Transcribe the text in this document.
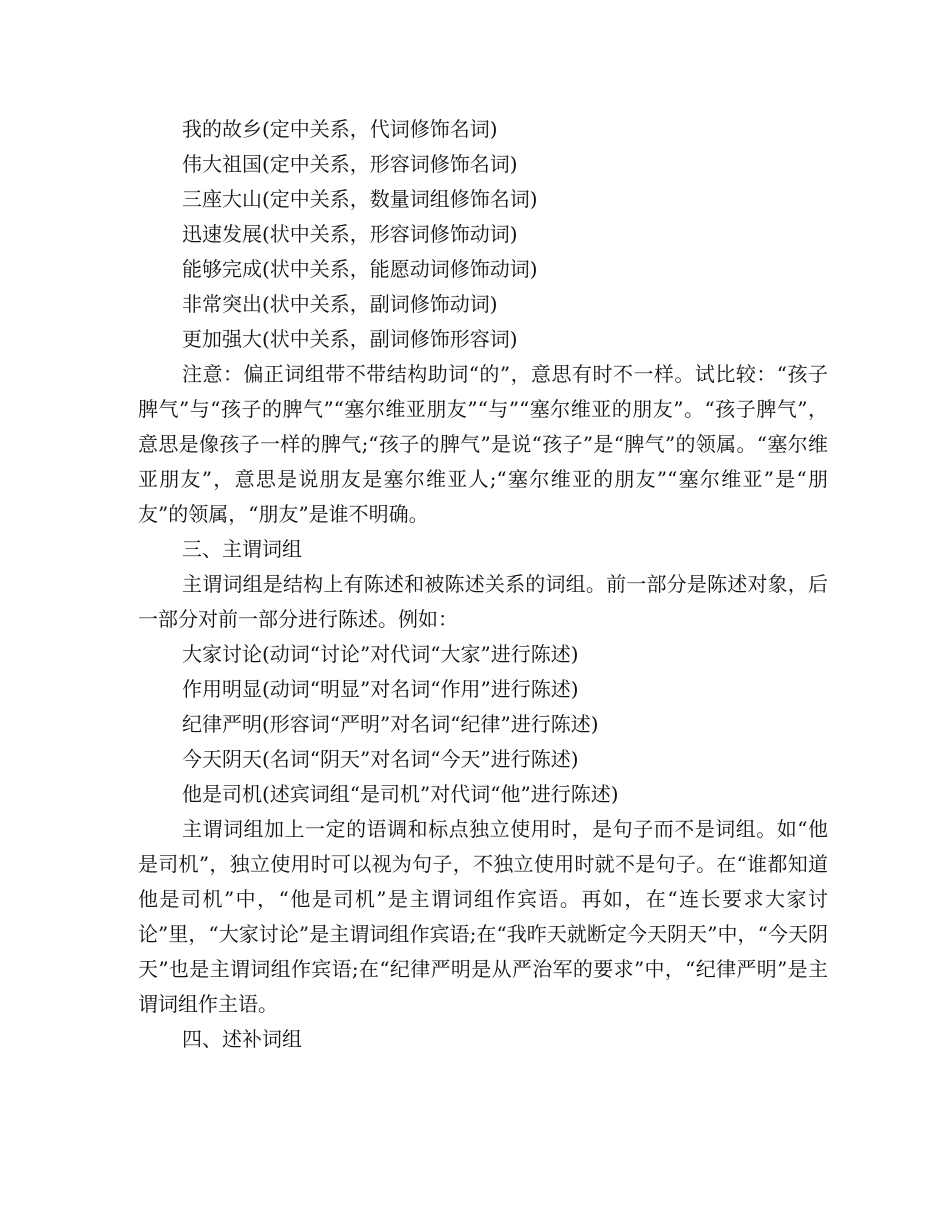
我的故乡(定中关系，代词修饰名词)

伟大祖国(定中关系，形容词修饰名词)

三座大山(定中关系，数量词组修饰名词)

迅速发展(状中关系，形容词修饰动词)

能够完成(状中关系，能愿动词修饰动词)

非常突出(状中关系，副词修饰动词)

更加强大(状中关系，副词修饰形容词)

注意：偏正词组带不带结构助词“的”，意思有时不一样。试比较：“孩子脾气”与“孩子的脾气”“塞尔维亚朋友”“与”“塞尔维亚的朋友”。“孩子脾气”，意思是像孩子一样的脾气;“孩子的脾气”是说“孩子”是“脾气”的领属。“塞尔维亚朋友”，意思是说朋友是塞尔维亚人;“塞尔维亚的朋友”“塞尔维亚”是“朋友”的领属，“朋友”是谁不明确。

三、主谓词组

主谓词组是结构上有陈述和被陈述关系的词组。前一部分是陈述对象，后一部分对前一部分进行陈述。例如：

大家讨论(动词“讨论”对代词“大家”进行陈述)

作用明显(动词“明显”对名词“作用”进行陈述)

纪律严明(形容词“严明”对名词“纪律”进行陈述)

今天阴天(名词“阴天”对名词“今天”进行陈述)

他是司机(述宾词组“是司机”对代词“他”进行陈述)

主谓词组加上一定的语调和标点独立使用时，是句子而不是词组。如“他是司机”，独立使用时可以视为句子，不独立使用时就不是句子。在“谁都知道他是司机”中，“他是司机”是主谓词组作宾语。再如，在“连长要求大家讨论”里，“大家讨论”是主谓词组作宾语;在“我昨天就断定今天阴天”中，“今天阴天”也是主谓词组作宾语;在“纪律严明是从严治军的要求”中，“纪律严明”是主谓词组作主语。

四、述补词组
